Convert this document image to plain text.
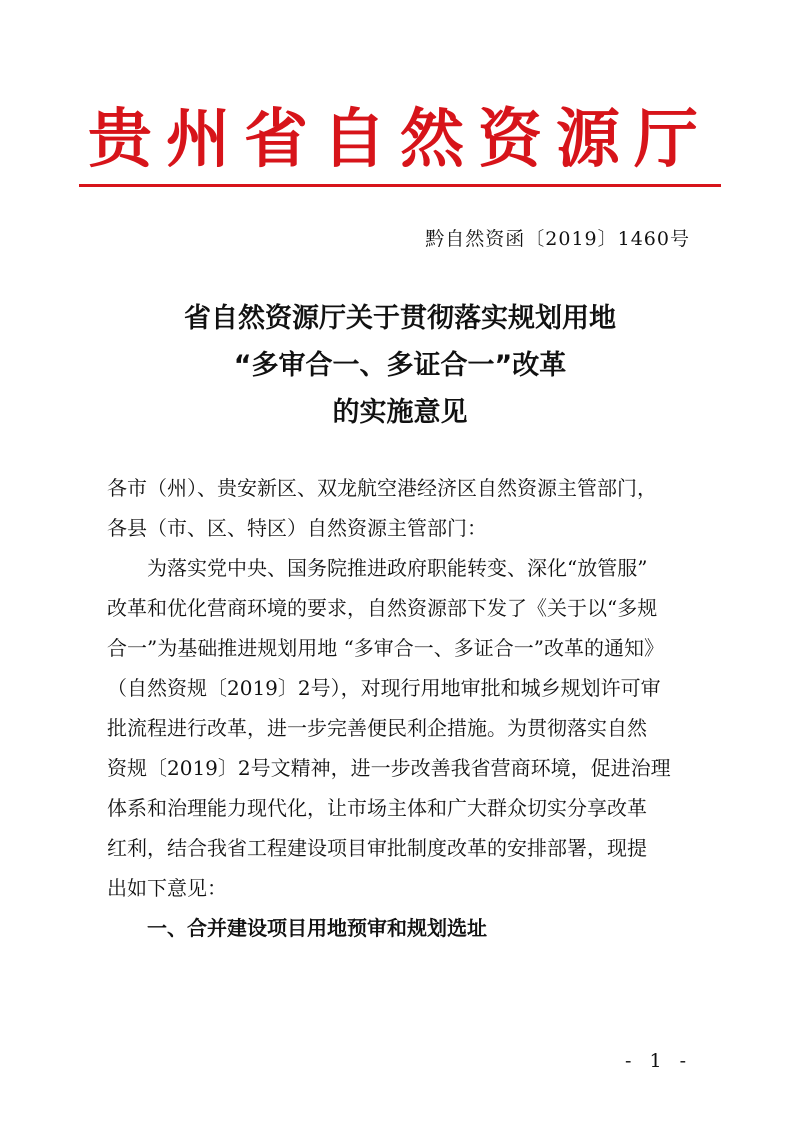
贵州省自然资源厅
黔自然资函〔2019〕1460号
省自然资源厅关于贯彻落实规划用地
“多审合一、多证合一”改革
的实施意见
各市（州）、贵安新区、双龙航空港经济区自然资源主管部门，
各县（市、区、特区）自然资源主管部门：
为落实党中央、国务院推进政府职能转变、深化“放管服”
改革和优化营商环境的要求，自然资源部下发了《关于以“多规
合一”为基础推进规划用地 “多审合一、多证合一”改革的通知》
（自然资规〔2019〕2号），对现行用地审批和城乡规划许可审
批流程进行改革，进一步完善便民利企措施。为贯彻落实自然
资规〔2019〕2号文精神，进一步改善我省营商环境，促进治理
体系和治理能力现代化，让市场主体和广大群众切实分享改革
红利，结合我省工程建设项目审批制度改革的安排部署，现提
出如下意见：
一、合并建设项目用地预审和规划选址
- 1 -
